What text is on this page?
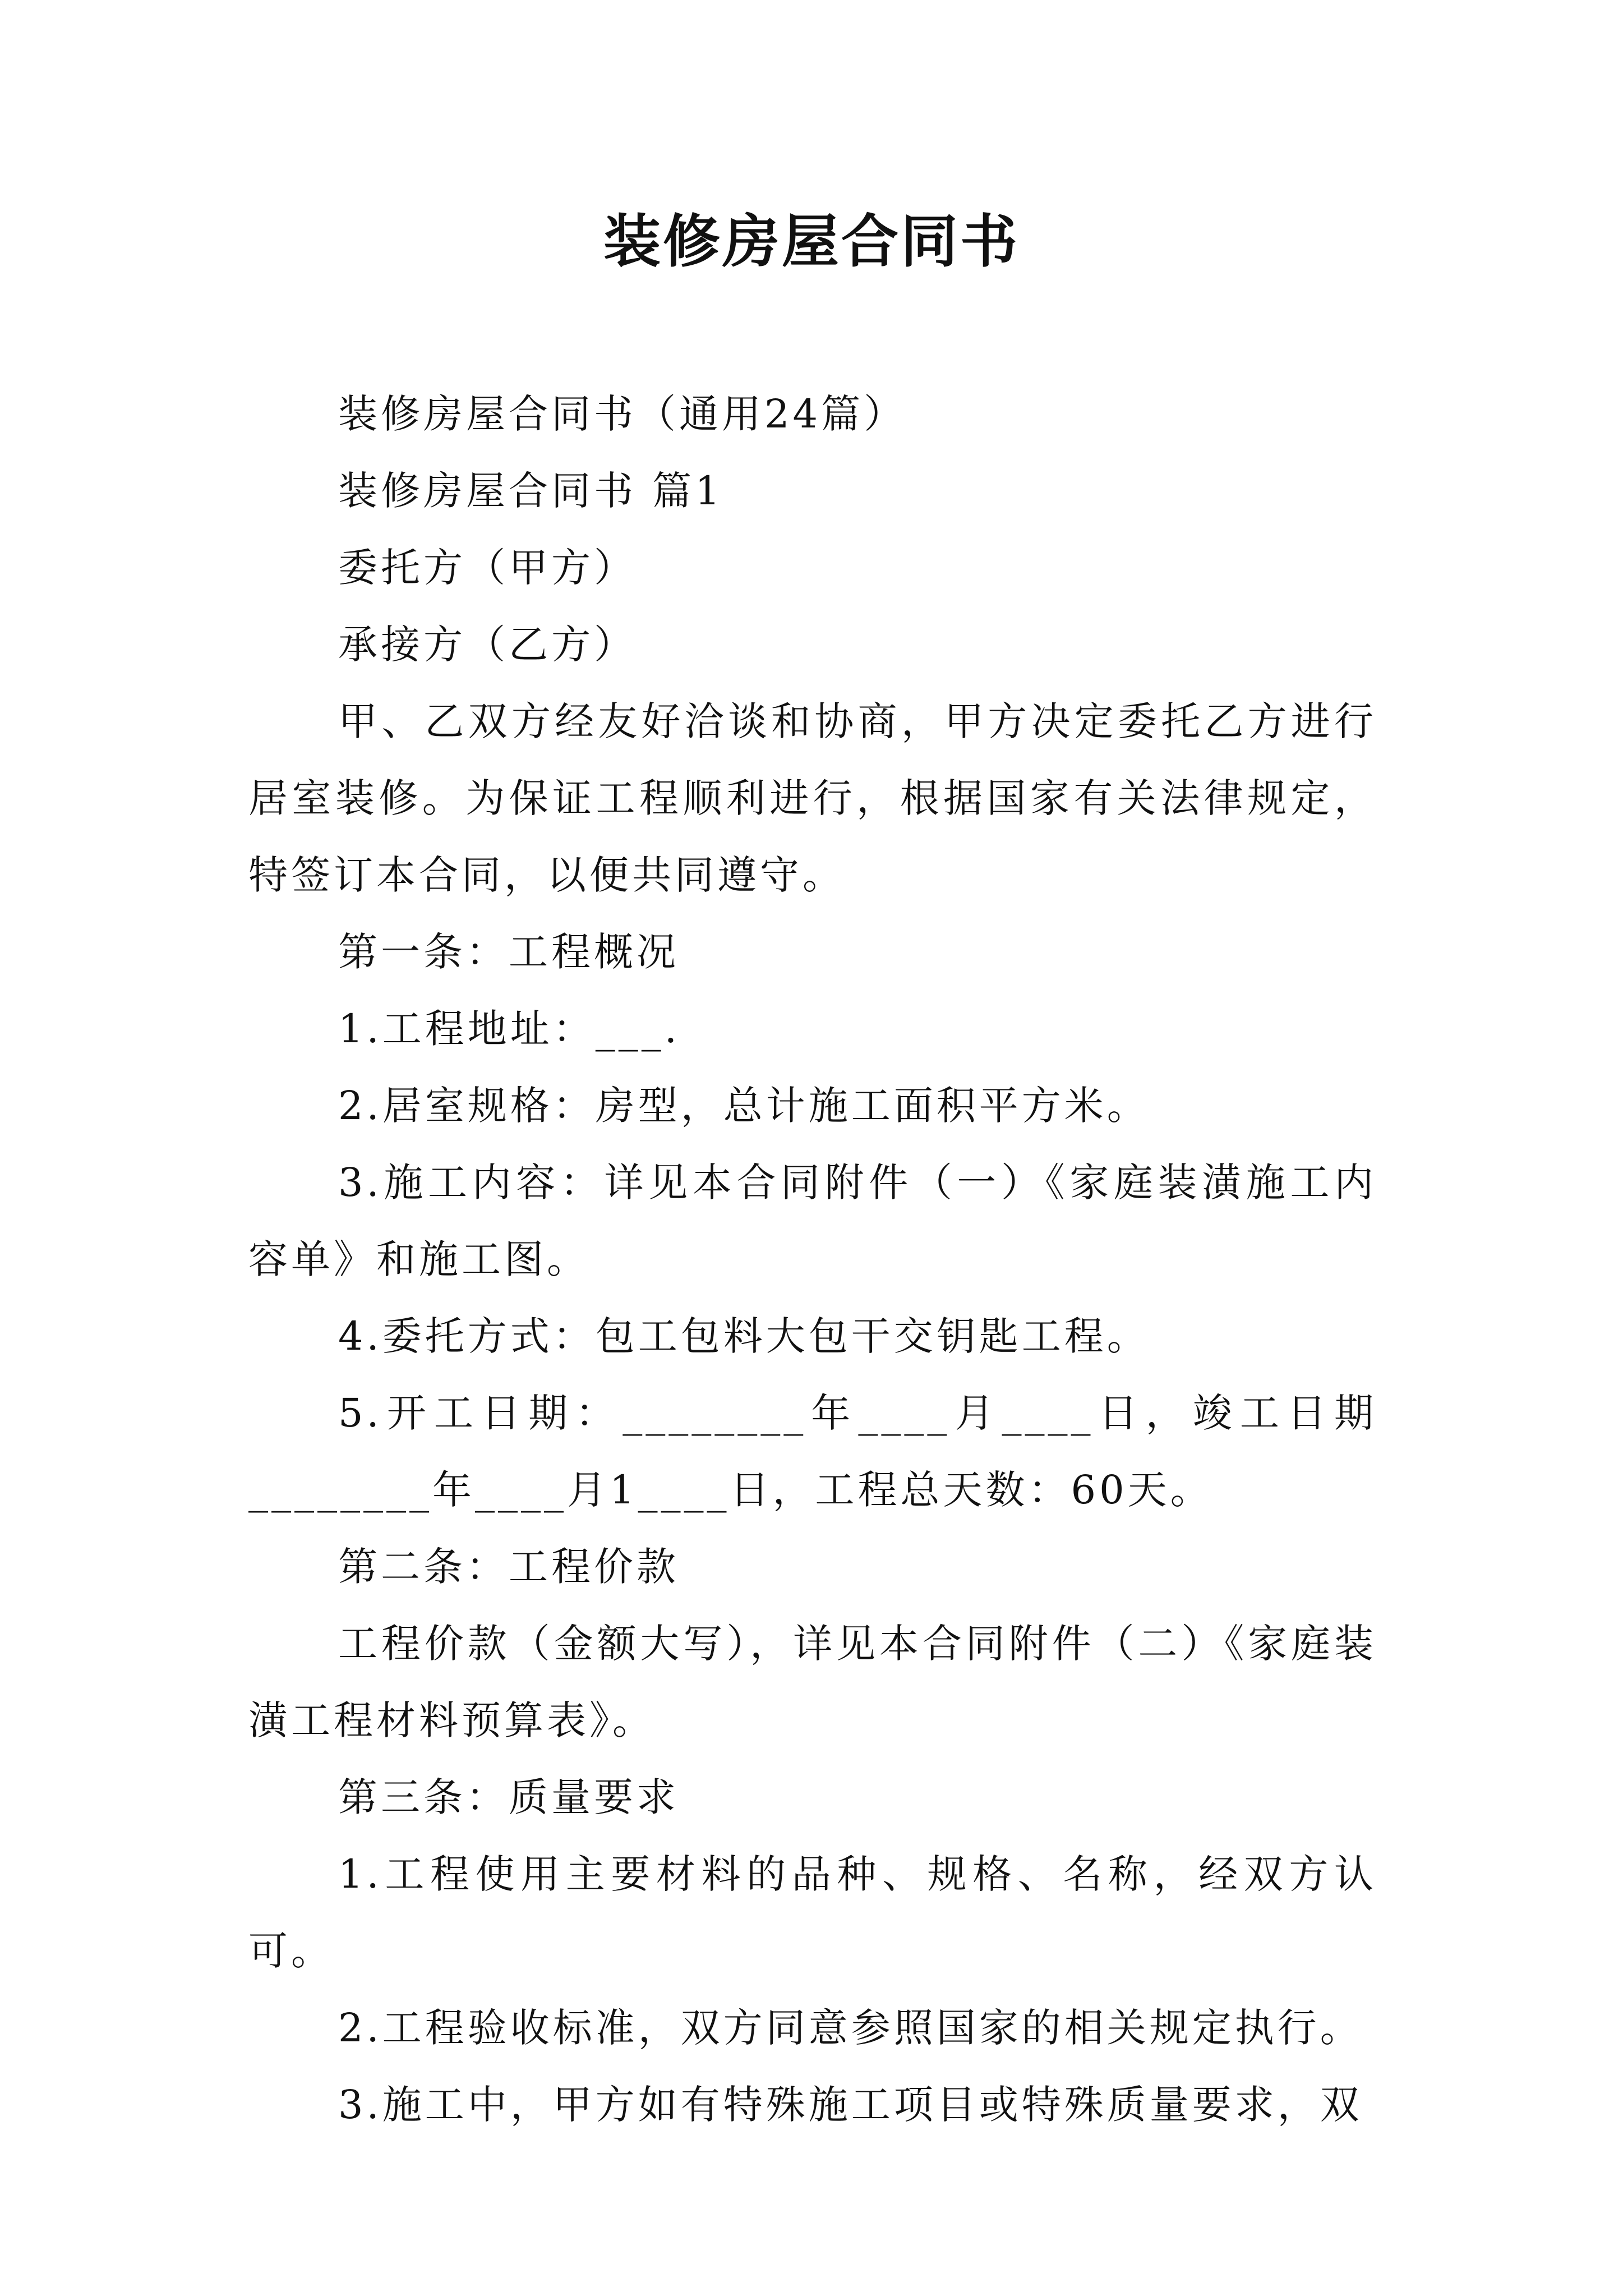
装修房屋合同书

装修房屋合同书（通用24篇）

装修房屋合同书 篇1

委托方（甲方）

承接方（乙方）

甲、乙双方经友好洽谈和协商，甲方决定委托乙方进行居室装修。为保证工程顺利进行，根据国家有关法律规定，特签订本合同，以便共同遵守。

第一条：工程概况

1.工程地址：___.

2.居室规格：房型，总计施工面积平方米。

3.施工内容：详见本合同附件（一）《家庭装潢施工内容单》和施工图。

4.委托方式：包工包料大包干交钥匙工程。

5.开工日期：________年____月____日，竣工日期________年____月1____日，工程总天数：60天。

第二条：工程价款

工程价款（金额大写），详见本合同附件（二）《家庭装潢工程材料预算表》。

第三条：质量要求

1.工程使用主要材料的品种、规格、名称，经双方认可。

2.工程验收标准，双方同意参照国家的相关规定执行。

3.施工中，甲方如有特殊施工项目或特殊质量要求，双
